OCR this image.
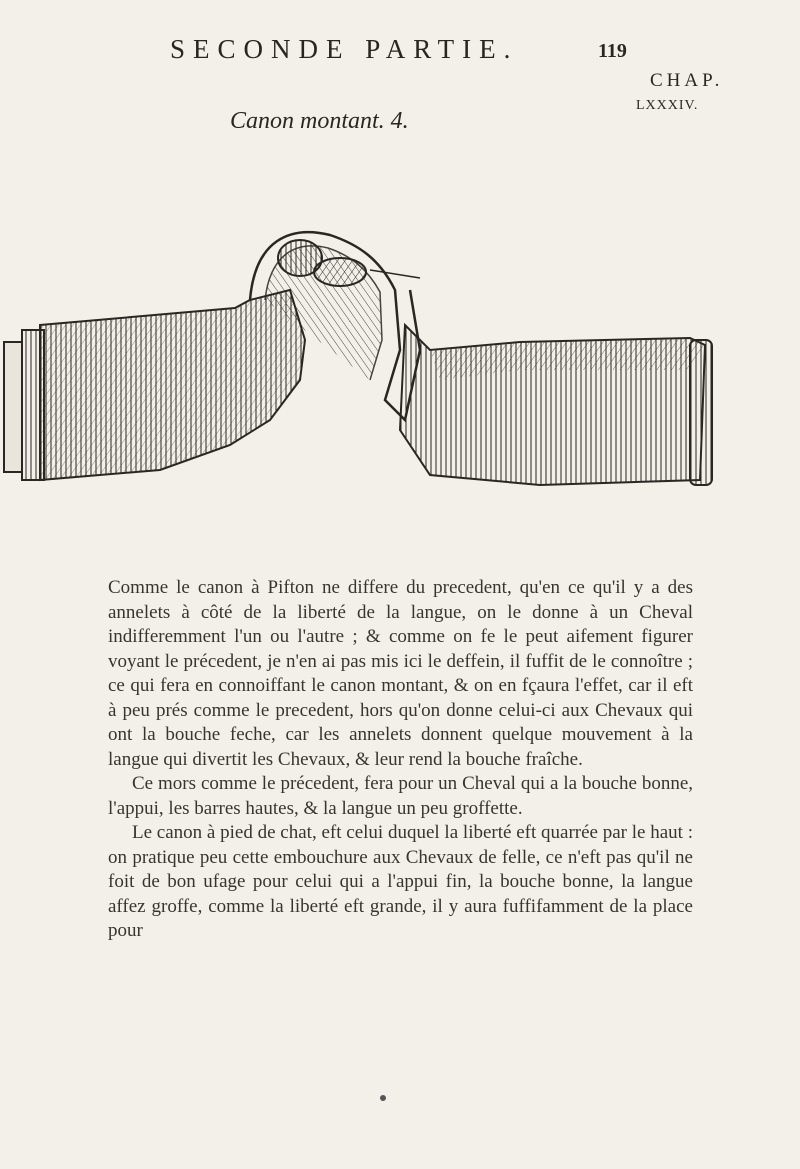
SECONDE PARTIE.	119
CHAP.
LXXXIV.
Canon montant. 4.

Comme le canon à Pifton ne differe du precedent, qu'en ce qu'il y a des annelets à côté de la liberté de la langue, on le donne à un Cheval indifferemment l'un ou l'autre ; & comme on fe le peut aifement figurer voyant le précedent, je n'en ai pas mis ici le deffein, il fuffit de le connoître ; ce qui fera en connoiffant le canon montant, & on en fçaura l'effet, car il eft à peu prés comme le precedent, hors qu'on donne celui-ci aux Chevaux qui ont la bouche feche, car les annelets donnent quelque mouvement à la langue qui divertit les Chevaux, & leur rend la bouche fraîche.

Ce mors comme le précedent, fera pour un Cheval qui a la bouche bonne, l'appui, les barres hautes, & la langue un peu groffette.

Le canon à pied de chat, eft celui duquel la liberté eft quarrée par le haut : on pratique peu cette embouchure aux Chevaux de felle, ce n'eft pas qu'il ne foit de bon ufage pour celui qui a l'appui fin, la bouche bonne, la langue affez groffe, comme la liberté eft grande, il y aura fuffifamment de la place pour
